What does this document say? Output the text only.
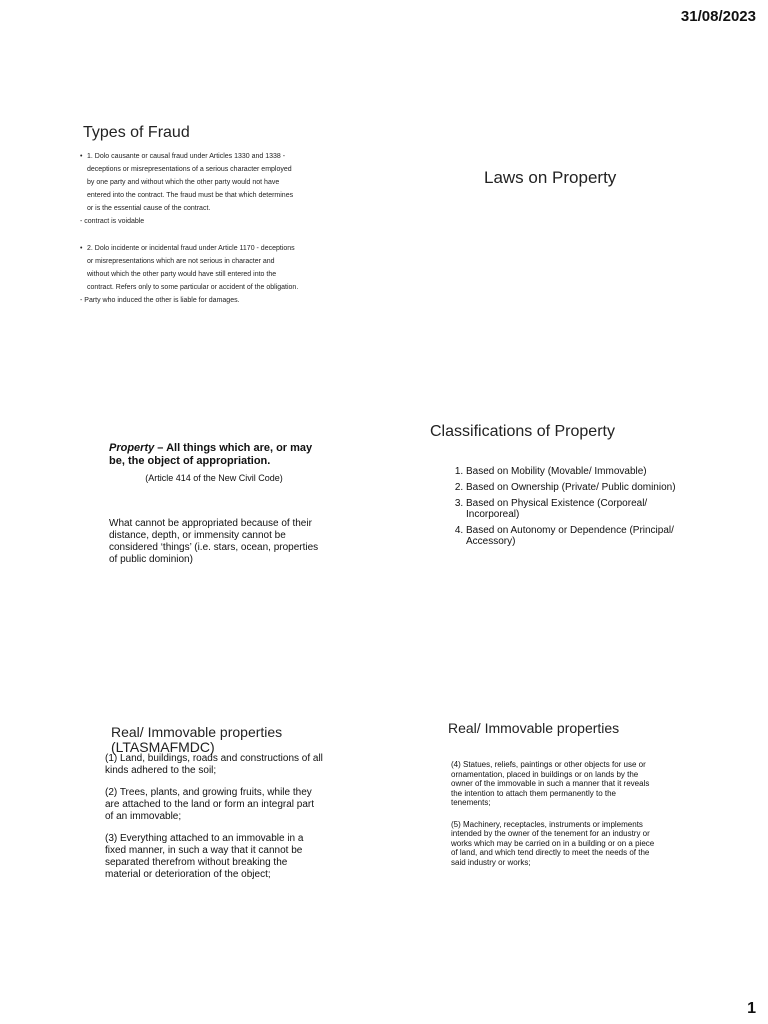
31/08/2023
Types of Fraud
• 1. Dolo causante or causal fraud under Articles 1330 and 1338 -
deceptions or misrepresentations of a serious character employed
by one party and without which the other party would not have
entered into the contract. The fraud must be that which determines
or is the essential cause of the contract.
- contract is voidable
• 2. Dolo incidente or incidental fraud under Article 1170 - deceptions
or misrepresentations which are not serious in character and
without which the other party would have still entered into the
contract. Refers only to some particular or accident of the obligation.
- Party who induced the other is liable for damages.
Laws on Property
Property – All things which are, or may be, the object of appropriation.
(Article 414 of the New Civil Code)
What cannot be appropriated because of their distance, depth, or immensity cannot be considered ‘things’ (i.e. stars, ocean, properties of public dominion)
Classifications of Property
1. Based on Mobility (Movable/ Immovable)
2. Based on Ownership (Private/ Public dominion)
3. Based on Physical Existence (Corporeal/ Incorporeal)
4. Based on Autonomy or Dependence (Principal/ Accessory)
Real/ Immovable properties (LTASMAFMDC)

(1) Land, buildings, roads and constructions of all kinds adhered to the soil;

(2) Trees, plants, and growing fruits, while they are attached to the land or form an integral part of an immovable;

(3) Everything attached to an immovable in a fixed manner, in such a way that it cannot be separated therefrom without breaking the material or deterioration of the object;

Real/ Immovable properties

(4) Statues, reliefs, paintings or other objects for use or ornamentation, placed in buildings or on lands by the owner of the immovable in such a manner that it reveals the intention to attach them permanently to the tenements;

(5) Machinery, receptacles, instruments or implements intended by the owner of the tenement for an industry or works which may be carried on in a building or on a piece of land, and which tend directly to meet the needs of the said industry or works;

1
